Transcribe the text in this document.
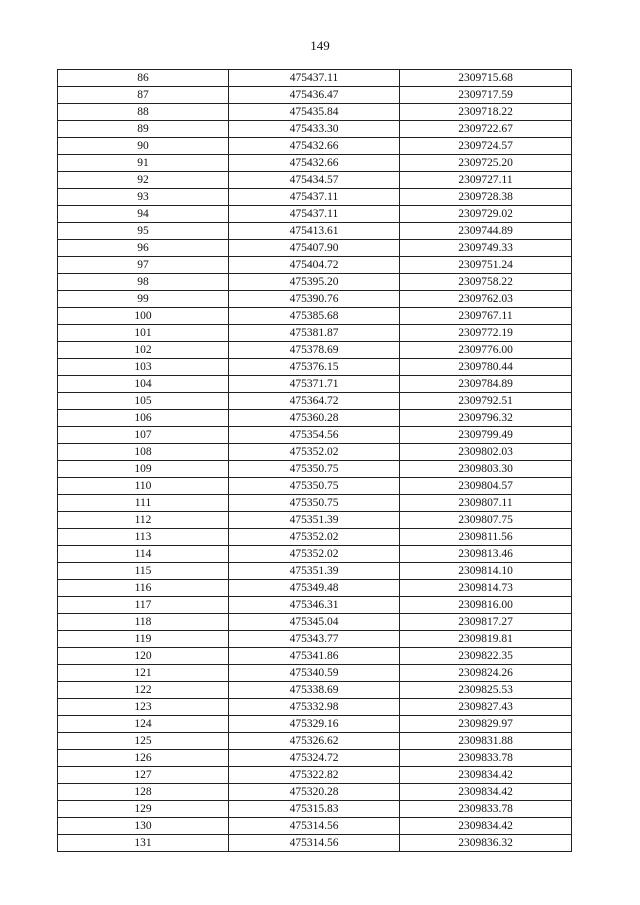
149
86	475437.11	2309715.68
87	475436.47	2309717.59
88	475435.84	2309718.22
89	475433.30	2309722.67
90	475432.66	2309724.57
91	475432.66	2309725.20
92	475434.57	2309727.11
93	475437.11	2309728.38
94	475437.11	2309729.02
95	475413.61	2309744.89
96	475407.90	2309749.33
97	475404.72	2309751.24
98	475395.20	2309758.22
99	475390.76	2309762.03
100	475385.68	2309767.11
101	475381.87	2309772.19
102	475378.69	2309776.00
103	475376.15	2309780.44
104	475371.71	2309784.89
105	475364.72	2309792.51
106	475360.28	2309796.32
107	475354.56	2309799.49
108	475352.02	2309802.03
109	475350.75	2309803.30
110	475350.75	2309804.57
111	475350.75	2309807.11
112	475351.39	2309807.75
113	475352.02	2309811.56
114	475352.02	2309813.46
115	475351.39	2309814.10
116	475349.48	2309814.73
117	475346.31	2309816.00
118	475345.04	2309817.27
119	475343.77	2309819.81
120	475341.86	2309822.35
121	475340.59	2309824.26
122	475338.69	2309825.53
123	475332.98	2309827.43
124	475329.16	2309829.97
125	475326.62	2309831.88
126	475324.72	2309833.78
127	475322.82	2309834.42
128	475320.28	2309834.42
129	475315.83	2309833.78
130	475314.56	2309834.42
131	475314.56	2309836.32
